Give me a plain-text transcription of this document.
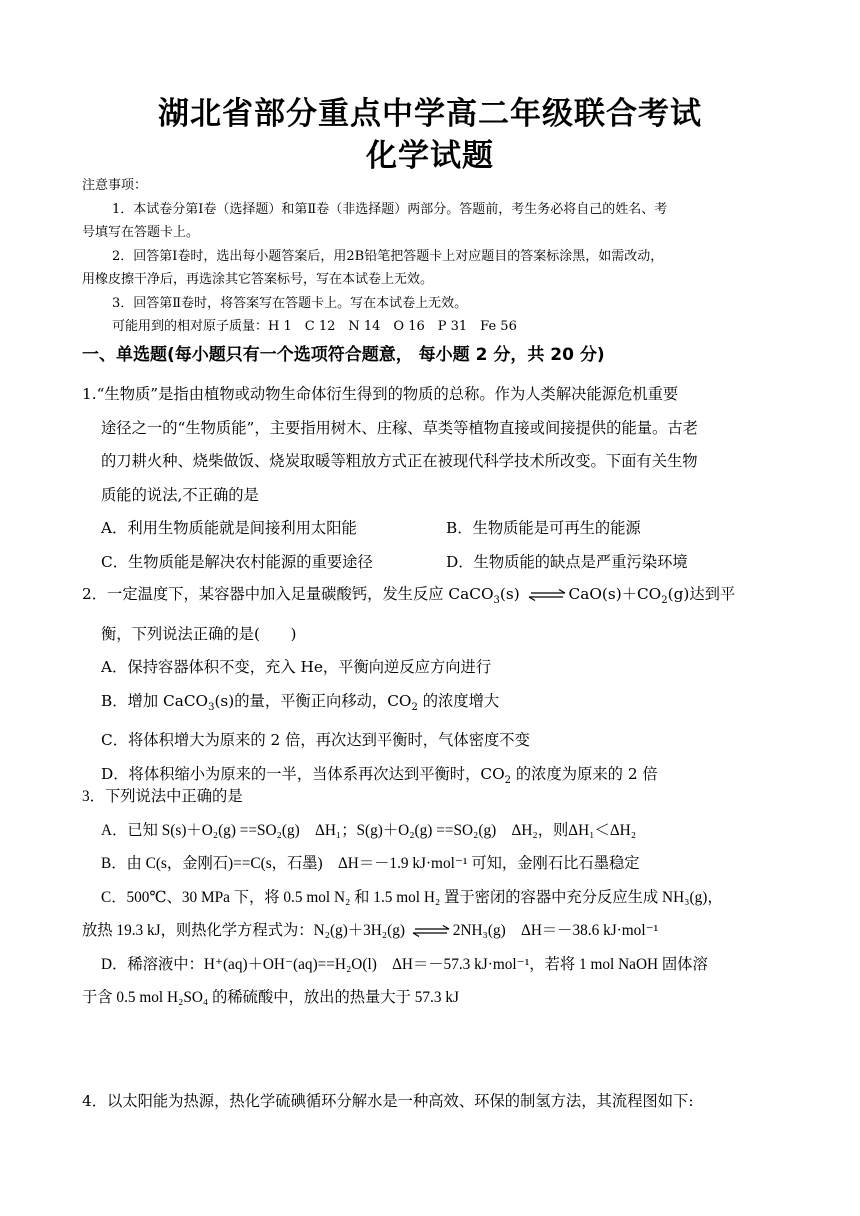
湖北省部分重点中学高二年级联合考试
化学试题

注意事项：

1．本试卷分第Ⅰ卷（选择题）和第Ⅱ卷（非选择题）两部分。答题前，考生务必将自己的姓名、考

号填写在答题卡上。

2．回答第Ⅰ卷时，选出每小题答案后，用2B铅笔把答题卡上对应题目的答案标涂黑，如需改动，

用橡皮擦干净后，再选涂其它答案标号，写在本试卷上无效。

3．回答第Ⅱ卷时，将答案写在答题卡上。写在本试卷上无效。

可能用到的相对原子质量：H 1　C 12　N 14　O 16　P 31　Fe 56

一、单选题(每小题只有一个选项符合题意， 每小题 2 分，共 20 分)

1.“生物质”是指由植物或动物生命体衍生得到的物质的总称。作为人类解决能源危机重要

途径之一的“生物质能”，主要指用树木、庄稼、草类等植物直接或间接提供的能量。古老

的刀耕火种、烧柴做饭、烧炭取暖等粗放方式正在被现代科学技术所改变。下面有关生物

质能的说法,不正确的是

A．利用生物质能就是间接利用太阳能	B．生物质能是可再生的能源

C．生物质能是解决农村能源的重要途径	D．生物质能的缺点是严重污染环境

2．一定温度下，某容器中加入足量碳酸钙，发生反应 CaCO$_3$(s) ⇌ $CaO(s)+CO_2(g)$达到平

衡，下列说法正确的是(　　)

A．保持容器体积不变，充入 He，平衡向逆反应方向进行

B．增加 CaCO$_3$(s)的量，平衡正向移动，$CO_2$ 的浓度增大

C．将体积增大为原来的 2 倍，再次达到平衡时，气体密度不变

D．将体积缩小为原来的一半，当体系再次达到平衡时，$CO_2$ 的浓度为原来的 2 倍

3．下列说法中正确的是

A．已知 S(s)＋O₂(g) ==SO₂(g)　ΔH₁；S(g)＋O₂(g) ==SO₂(g)　ΔH₂，则ΔH₁＜ΔH₂

B．由 C(s，金刚石)==C(s，石墨)　ΔH＝－1.9 kJ·mol⁻¹ 可知，金刚石比石墨稳定

C．500℃、30 MPa 下，将 0.5 mol N₂ 和 1.5 mol H₂ 置于密闭的容器中充分反应生成 NH₃(g)，

放热 19.3 kJ，则热化学方程式为：N₂(g)＋3H₂(g) ⇌ 2NH₃(g)　ΔH＝－38.6 kJ·mol⁻¹

D．稀溶液中：H⁺(aq)＋OH⁻(aq)==H₂O(l)　ΔH＝－57.3 kJ·mol⁻¹，若将 1 mol NaOH 固体溶

于含 0.5 mol H₂SO₄ 的稀硫酸中，放出的热量大于 57.3 kJ

4．以太阳能为热源，热化学硫碘循环分解水是一种高效、环保的制氢方法，其流程图如下:
